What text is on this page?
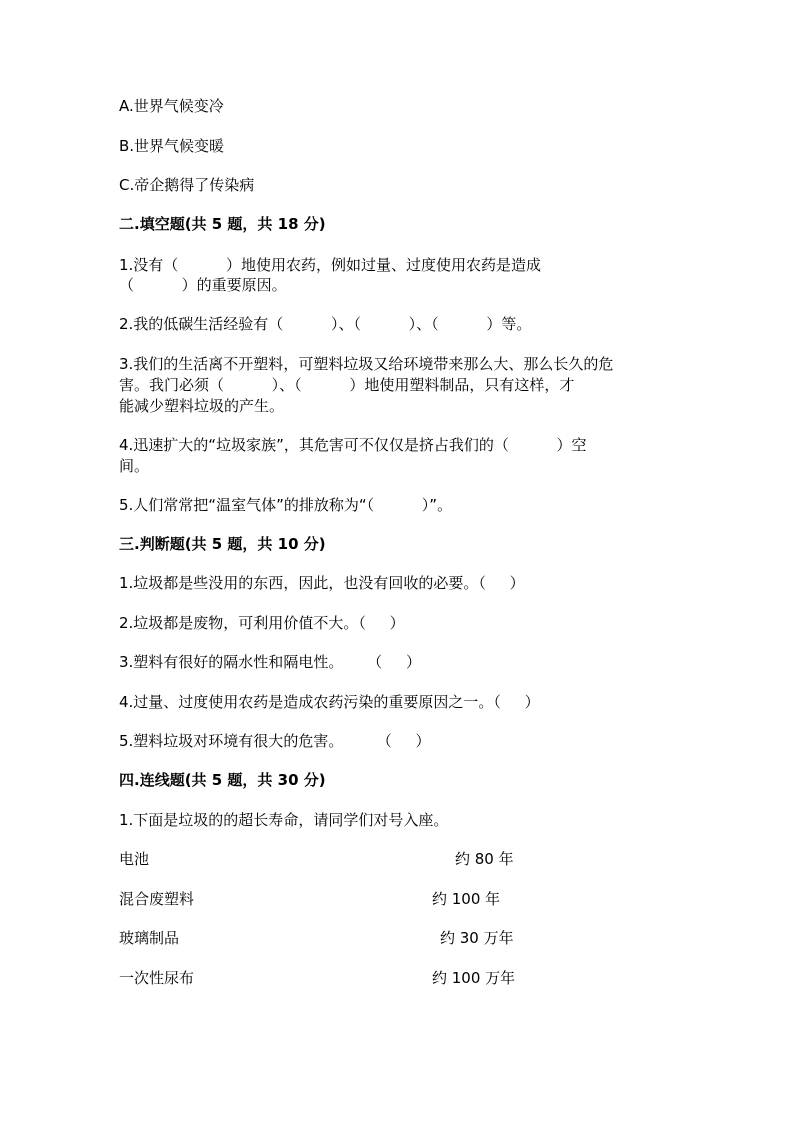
A.世界气候变冷
B.世界气候变暖
C.帝企鹅得了传染病
二.填空题(共 5 题，共 18 分)
1.没有（          ）地使用农药，例如过量、过度使用农药是造成
（          ）的重要原因。
2.我的低碳生活经验有（          ）、（          ）、（          ）等。
3.我们的生活离不开塑料，可塑料垃圾又给环境带来那么大、那么长久的危
害。我门必须（          ）、（          ）地使用塑料制品，只有这样，才
能减少塑料垃圾的产生。
4.迅速扩大的“垃圾家族”，其危害可不仅仅是挤占我们的（          ）空
间。
5.人们常常把“温室气体”的排放称为“（          ）”。
三.判断题(共 5 题，共 10 分)
1.垃圾都是些没用的东西，因此，也没有回收的必要。（     ）
2.垃圾都是废物，可利用价值不大。（     ）
3.塑料有很好的隔水性和隔电性。     （     ）
4.过量、过度使用农药是造成农药污染的重要原因之一。（     ）
5.塑料垃圾对环境有很大的危害。       （     ）
四.连线题(共 5 题，共 30 分)
1.下面是垃圾的的超长寿命，请同学们对号入座。
电池	约 80 年
混合废塑料	约 100 年
玻璃制品	约 30 万年
一次性尿布	约 100 万年
